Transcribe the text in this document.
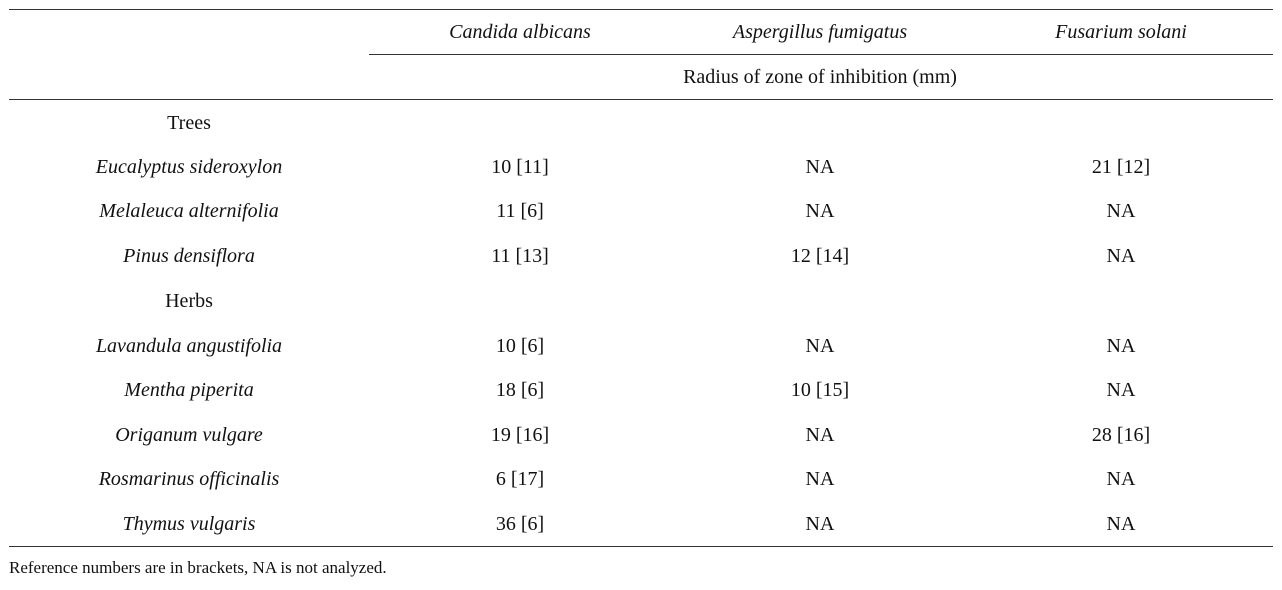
Candida albicans	Aspergillus fumigatus	Fusarium solani
Radius of zone of inhibition (mm)
Trees
Eucalyptus sideroxylon	10 [11]	NA	21 [12]
Melaleuca alternifolia	11 [6]	NA	NA
Pinus densiflora	11 [13]	12 [14]	NA
Herbs
Lavandula angustifolia	10 [6]	NA	NA
Mentha piperita	18 [6]	10 [15]	NA
Origanum vulgare	19 [16]	NA	28 [16]
Rosmarinus officinalis	6 [17]	NA	NA
Thymus vulgaris	36 [6]	NA	NA
Reference numbers are in brackets, NA is not analyzed.
